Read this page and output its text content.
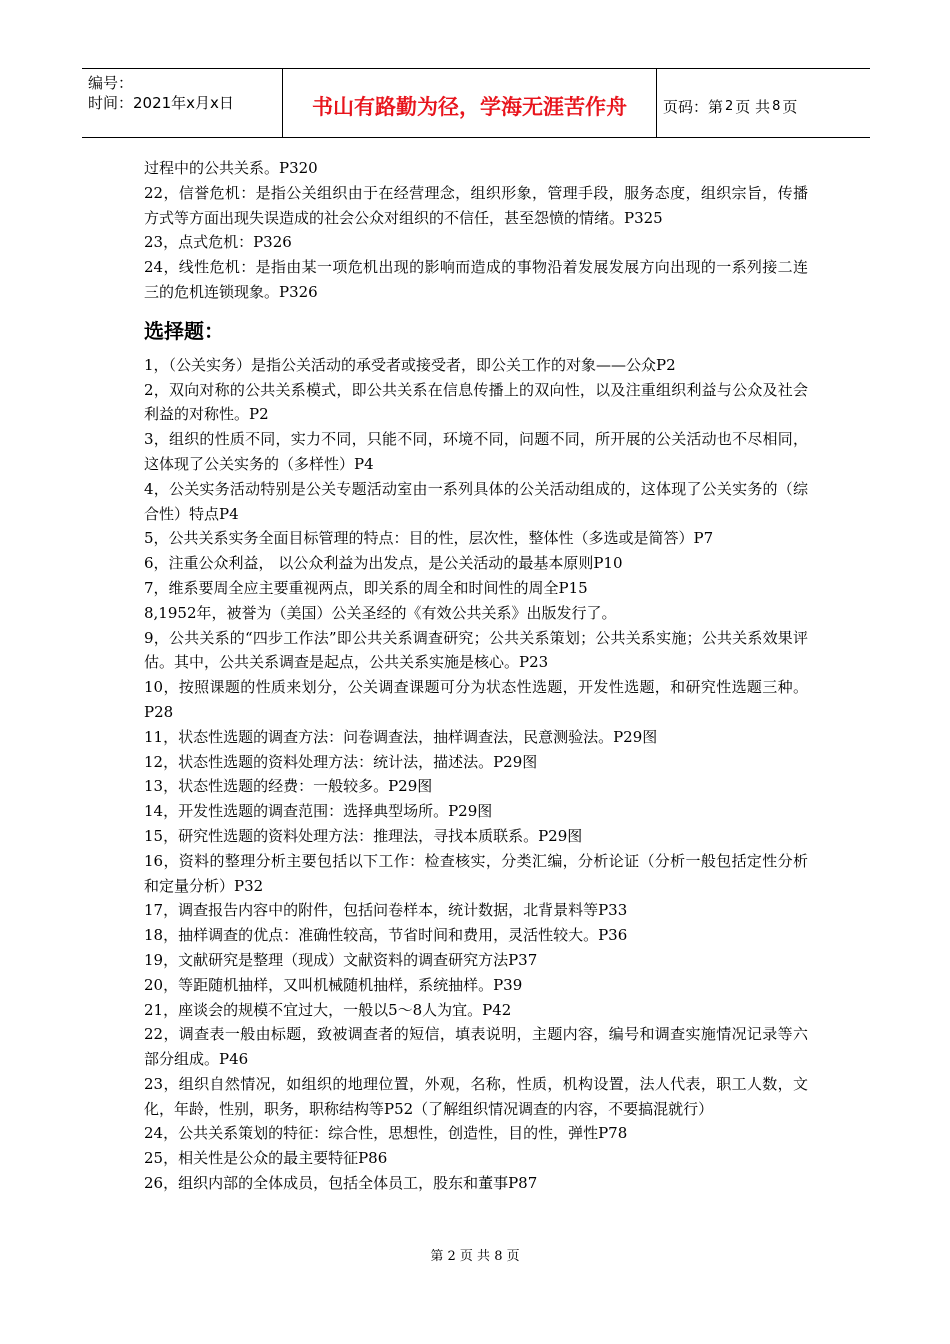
编号：
时间：2021年x月x日	书山有路勤为径，学海无涯苦作舟	页码：第 2 页 共 8 页

过程中的公共关系。P320

22，信誉危机：是指公关组织由于在经营理念，组织形象，管理手段，服务态度，组织宗旨，传播方式等方面出现失误造成的社会公众对组织的不信任，甚至怨愤的情绪。P325

23，点式危机：P326

24，线性危机：是指由某一项危机出现的影响而造成的事物沿着发展发展方向出现的一系列接二连三的危机连锁现象。P326

选择题：

1，（公关实务）是指公关活动的承受者或接受者，即公关工作的对象——公众P2

2，双向对称的公共关系模式，即公共关系在信息传播上的双向性，以及注重组织利益与公众及社会利益的对称性。P2

3，组织的性质不同，实力不同，只能不同，环境不同，问题不同，所开展的公关活动也不尽相同，这体现了公关实务的（多样性）P4

4，公关实务活动特别是公关专题活动室由一系列具体的公关活动组成的，这体现了公关实务的（综合性）特点P4

5，公共关系实务全面目标管理的特点：目的性，层次性，整体性（多选或是简答）P7

6，注重公众利益， 以公众利益为出发点，是公关活动的最基本原则P10

7，维系要周全应主要重视两点，即关系的周全和时间性的周全P15

8,1952年，被誉为（美国）公关圣经的《有效公共关系》出版发行了。

9，公共关系的“四步工作法”即公共关系调查研究；公共关系策划；公共关系实施；公共关系效果评估。其中，公共关系调查是起点，公共关系实施是核心。P23

10，按照课题的性质来划分，公关调查课题可分为状态性选题，开发性选题，和研究性选题三种。P28

11，状态性选题的调查方法：问卷调查法，抽样调查法，民意测验法。P29图

12，状态性选题的资料处理方法：统计法，描述法。P29图

13，状态性选题的经费：一般较多。P29图

14，开发性选题的调查范围：选择典型场所。P29图

15，研究性选题的资料处理方法：推理法，寻找本质联系。P29图

16，资料的整理分析主要包括以下工作：检查核实，分类汇编，分析论证（分析一般包括定性分析和定量分析）P32

17，调查报告内容中的附件，包括问卷样本，统计数据，北背景料等P33

18，抽样调查的优点：准确性较高，节省时间和费用，灵活性较大。P36

19，文献研究是整理（现成）文献资料的调查研究方法P37

20，等距随机抽样，又叫机械随机抽样，系统抽样。P39

21，座谈会的规模不宜过大，一般以5～8人为宜。P42

22，调查表一般由标题，致被调查者的短信，填表说明，主题内容，编号和调查实施情况记录等六部分组成。P46

23，组织自然情况，如组织的地理位置，外观，名称，性质，机构设置，法人代表，职工人数，文化，年龄，性别，职务，职称结构等P52（了解组织情况调查的内容，不要搞混就行）

24，公共关系策划的特征：综合性，思想性，创造性，目的性，弹性P78

25，相关性是公众的最主要特征P86

26，组织内部的全体成员，包括全体员工，股东和董事P87

第 2 页 共 8 页
